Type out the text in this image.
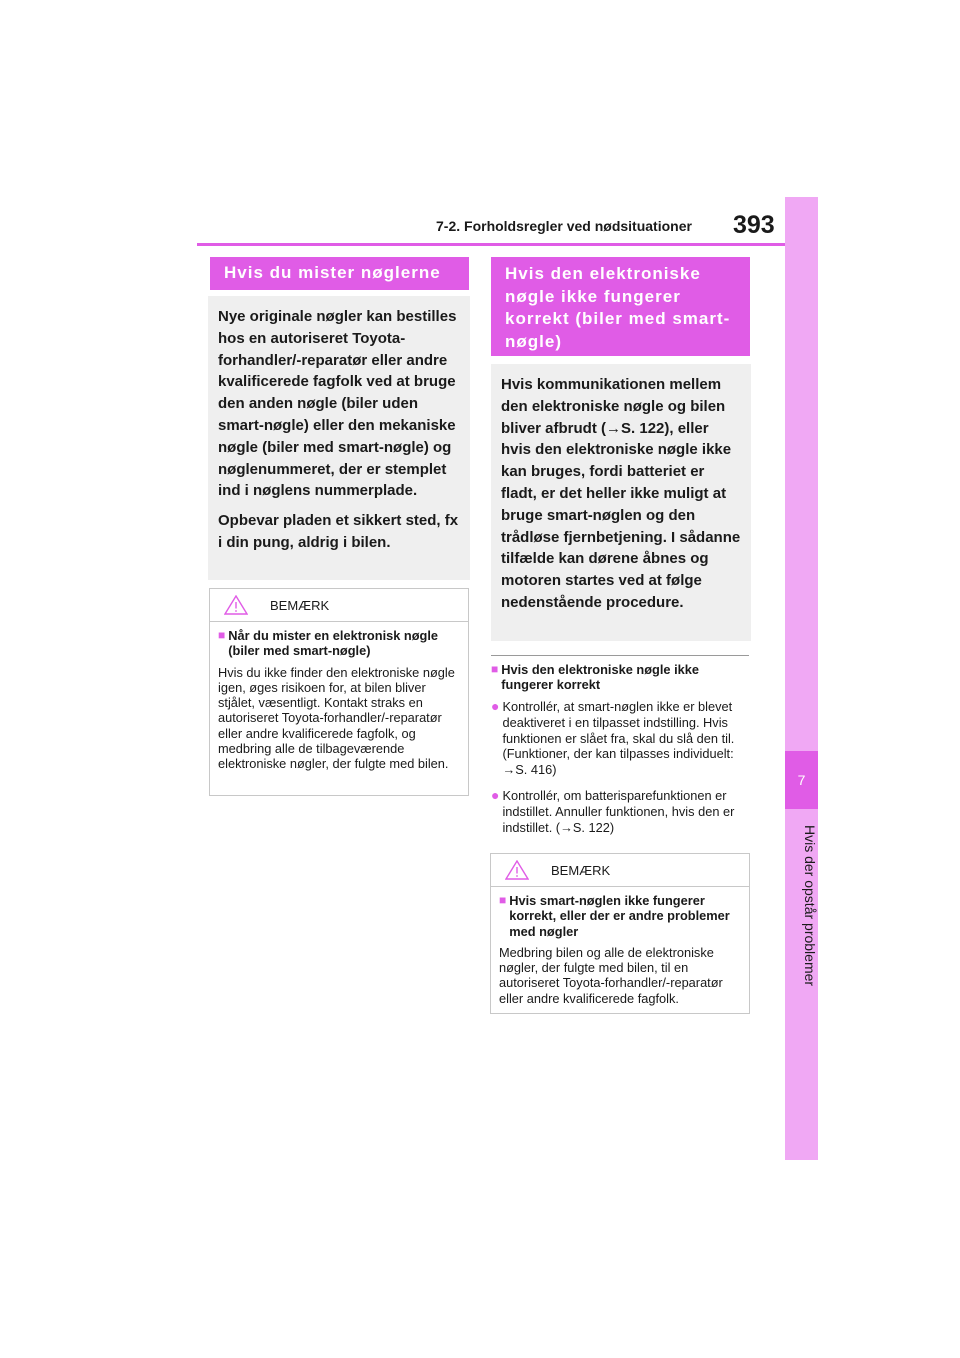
7-2. Forholdsregler ved nødsituationer 393
7
Hvis der opstår problemer
Hvis du mister nøglerne

Nye originale nøgler kan bestilles hos en autoriseret Toyota-forhandler/-reparatør eller andre kvalificerede fagfolk ved at bruge den anden nøgle (biler uden smart-nøgle) eller den mekaniske nøgle (biler med smart-nøgle) og nøglenummeret, der er stemplet ind i nøglens nummerplade.

Opbevar pladen et sikkert sted, fx i din pung, aldrig i bilen.

BEMÆRK
■ Når du mister en elektronisk nøgle (biler med smart-nøgle)
Hvis du ikke finder den elektroniske nøgle igen, øges risikoen for, at bilen bliver stjålet, væsentligt. Kontakt straks en autoriseret Toyota-forhandler/-reparatør eller andre kvalificerede fagfolk, og medbring alle de tilbageværende elektroniske nøgler, der fulgte med bilen.
Hvis den elektroniske nøgle ikke fungerer korrekt (biler med smart-nøgle)

Hvis kommunikationen mellem den elektroniske nøgle og bilen bliver afbrudt (→S. 122), eller hvis den elektroniske nøgle ikke kan bruges, fordi batteriet er fladt, er det heller ikke muligt at bruge smart-nøglen og den trådløse fjernbetjening. I sådanne tilfælde kan dørene åbnes og motoren startes ved at følge nedenstående procedure.

■ Hvis den elektroniske nøgle ikke fungerer korrekt
● Kontrollér, at smart-nøglen ikke er blevet deaktiveret i en tilpasset indstilling. Hvis funktionen er slået fra, skal du slå den til. (Funktioner, der kan tilpasses individuelt: →S. 416)
● Kontrollér, om batterisparefunktionen er indstillet. Annuller funktionen, hvis den er indstillet. (→S. 122)
BEMÆRK
■ Hvis smart-nøglen ikke fungerer korrekt, eller der er andre problemer med nøgler
Medbring bilen og alle de elektroniske nøgler, der fulgte med bilen, til en autoriseret Toyota-forhandler/-reparatør eller andre kvalificerede fagfolk.
